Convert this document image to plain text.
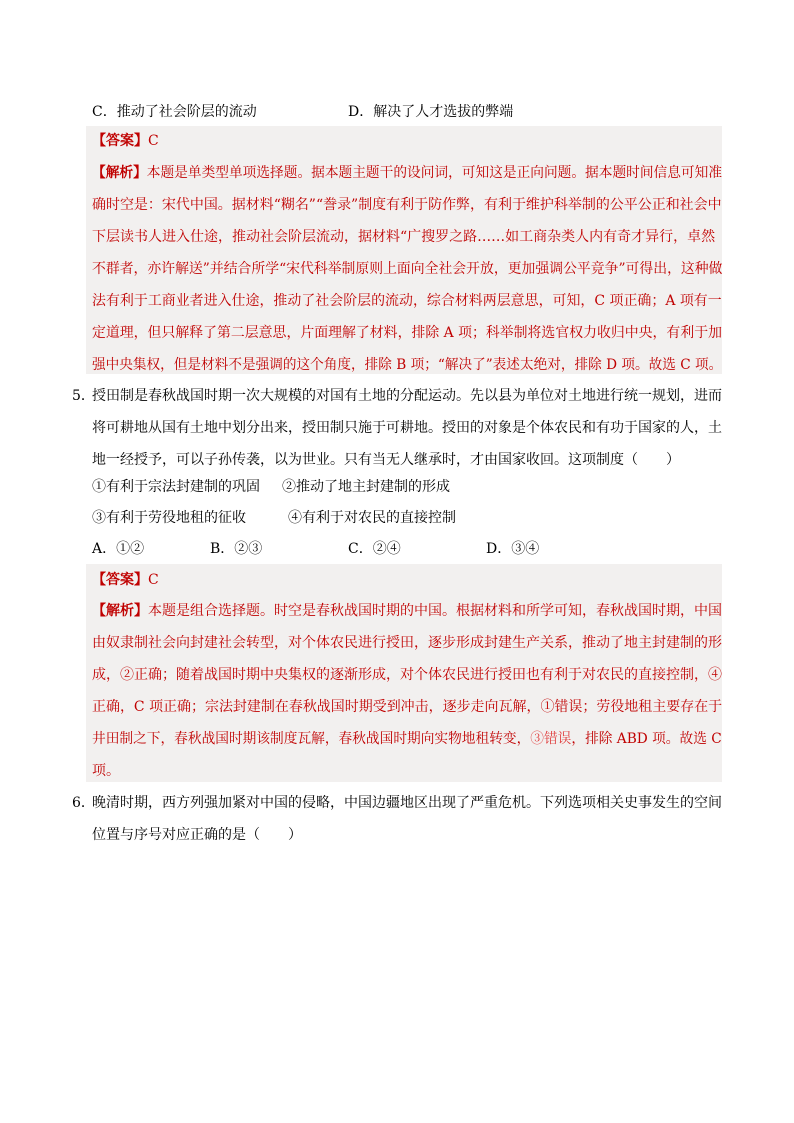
C．推动了社会阶层的流动	D．解决了人才选拔的弊端
【答案】C
【解析】本题是单类型单项选择题。据本题主题干的设问词，可知这是正向问题。据本题时间信息可知准
确时空是：宋代中国。据材料“糊名”“誊录”制度有利于防作弊，有利于维护科举制的公平公正和社会中
下层读书人进入仕途，推动社会阶层流动，据材料“广搜罗之路……如工商杂类人内有奇才异行，卓然
不群者，亦许解送”并结合所学“宋代科举制原则上面向全社会开放，更加强调公平竞争”可得出，这种做
法有利于工商业者进入仕途，推动了社会阶层的流动，综合材料两层意思，可知，C 项正确；A 项有一
定道理，但只解释了第二层意思，片面理解了材料，排除 A 项；科举制将选官权力收归中央，有利于加
强中央集权，但是材料不是强调的这个角度，排除 B 项；“解决了”表述太绝对，排除 D 项。故选 C 项。
5．
授田制是春秋战国时期一次大规模的对国有土地的分配运动。先以县为单位对土地进行统一规划，进而
将可耕地从国有土地中划分出来，授田制只施于可耕地。授田的对象是个体农民和有功于国家的人，土
地一经授予，可以子孙传袭，以为世业。只有当无人继承时，才由国家收回。这项制度（　　）
①有利于宗法封建制的巩固 ②推动了地主封建制的形成
③有利于劳役地租的征收	④有利于对农民的直接控制
A．①②	B．②③	C．②④	D．③④
【答案】C
【解析】本题是组合选择题。时空是春秋战国时期的中国。根据材料和所学可知，春秋战国时期，中国
由奴隶制社会向封建社会转型，对个体农民进行授田，逐步形成封建生产关系，推动了地主封建制的形
成，②正确；随着战国时期中央集权的逐渐形成，对个体农民进行授田也有利于对农民的直接控制，④
正确，C 项正确；宗法封建制在春秋战国时期受到冲击，逐步走向瓦解，①错误；劳役地租主要存在于
井田制之下，春秋战国时期该制度瓦解，春秋战国时期向实物地租转变，③错误，排除 ABD 项。故选 C
项。
6．
晚清时期，西方列强加紧对中国的侵略，中国边疆地区出现了严重危机。下列选项相关史事发生的空间
位置与序号对应正确的是（　　）
